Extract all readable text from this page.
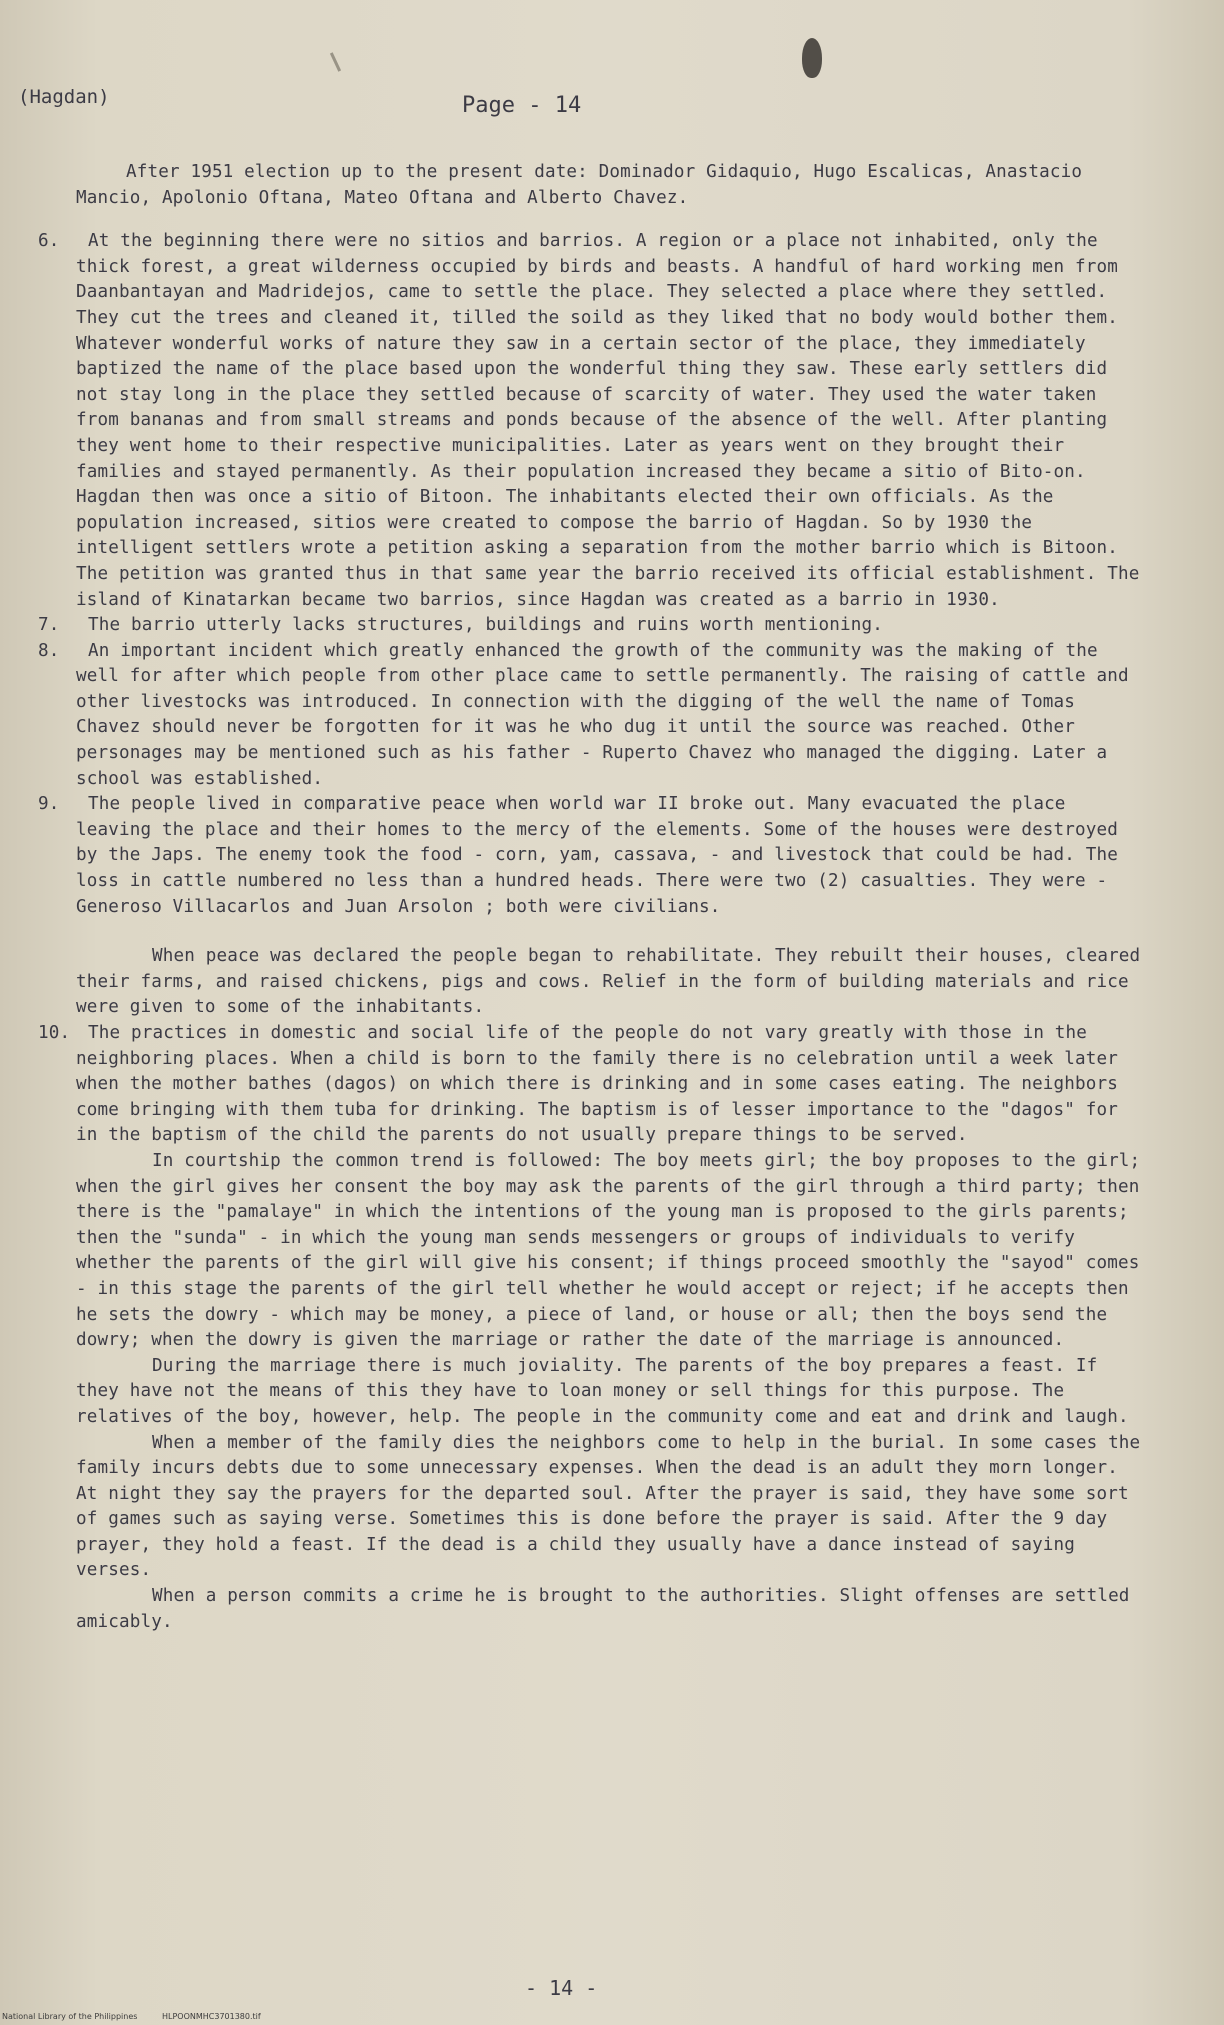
(Hagdan)	Page - 14

After 1951 election up to the present date: Dominador Gidaquio, Hugo Escalicas, Anastacio Mancio, Apolonio Oftana, Mateo Oftana and Alberto Chavez.

6.	At the beginning there were no sitios and barrios. A region or a place not inhabited, only the thick forest, a great wilderness occupied by birds and beasts. A handful of hard working men from Daanbantayan and Madridejos, came to settle the place. They selected a place where they settled. They cut the trees and cleaned it, tilled the soild as they liked that no body would bother them. Whatever wonderful works of nature they saw in a certain sector of the place, they immediately baptized the name of the place based upon the wonderful thing they saw. These early settlers did not stay long in the place they settled because of scarcity of water. They used the water taken from bananas and from small streams and ponds because of the absence of the well. After planting they went home to their respective municipalities. Later as years went on they brought their families and stayed permanently. As their population increased they became a sitio of Bito-on. Hagdan then was once a sitio of Bitoon. The inhabitants elected their own officials. As the population increased, sitios were created to compose the barrio of Hagdan. So by 1930 the intelligent settlers wrote a petition asking a separation from the mother barrio which is Bitoon. The petition was granted thus in that same year the barrio received its official establishment. The island of Kinatarkan became two barrios, since Hagdan was created as a barrio in 1930.

7.	The barrio utterly lacks structures, buildings and ruins worth mentioning.

8.	An important incident which greatly enhanced the growth of the community was the making of the well for after which people from other place came to settle permanently. The raising of cattle and other livestocks was introduced. In connection with the digging of the well the name of Tomas Chavez should never be forgotten for it was he who dug it until the source was reached. Other personages may be mentioned such as his father - Ruperto Chavez who managed the digging. Later a school was established.

9.	The people lived in comparative peace when world war II broke out. Many evacuated the place leaving the place and their homes to the mercy of the elements. Some of the houses were destroyed by the Japs. The enemy took the food - corn, yam, cassava, - and livestock that could be had. The loss in cattle numbered no less than a hundred heads. There were two (2) casualties. They were - Generoso Villacarlos and Juan Arsolon ; both were civilians.

When peace was declared the people began to rehabilitate. They rebuilt their houses, cleared their farms, and raised chickens, pigs and cows. Relief in the form of building materials and rice were given to some of the inhabitants.

10.	The practices in domestic and social life of the people do not vary greatly with those in the neighboring places. When a child is born to the family there is no celebration until a week later when the mother bathes (dagos) on which there is drinking and in some cases eating. The neighbors come bringing with them tuba for drinking. The baptism is of lesser importance to the "dagos" for in the baptism of the child the parents do not usually prepare things to be served.

In courtship the common trend is followed: The boy meets girl; the boy proposes to the girl; when the girl gives her consent the boy may ask the parents of the girl through a third party; then there is the "pamalaye" in which the intentions of the young man is proposed to the girls parents; then the "sunda" - in which the young man sends messengers or groups of individuals to verify whether the parents of the girl will give his consent; if things proceed smoothly the "sayod" comes - in this stage the parents of the girl tell whether he would accept or reject; if he accepts then he sets the dowry - which may be money, a piece of land, or house or all; then the boys send the dowry; when the dowry is given the marriage or rather the date of the marriage is announced.

During the marriage there is much joviality. The parents of the boy prepares a feast. If they have not the means of this they have to loan money or sell things for this purpose. The relatives of the boy, however, help. The people in the community come and eat and drink and laugh.

When a member of the family dies the neighbors come to help in the burial. In some cases the family incurs debts due to some unnecessary expenses. When the dead is an adult they morn longer. At night they say the prayers for the departed soul. After the prayer is said, they have some sort of games such as saying verse. Sometimes this is done before the prayer is said. After the 9 day prayer, they hold a feast. If the dead is a child they usually have a dance instead of saying verses.

When a person commits a crime he is brought to the authorities. Slight offenses are settled amicably.

- 14 -
National Library of the Philippines	HLPOONMHC3701380.tif
